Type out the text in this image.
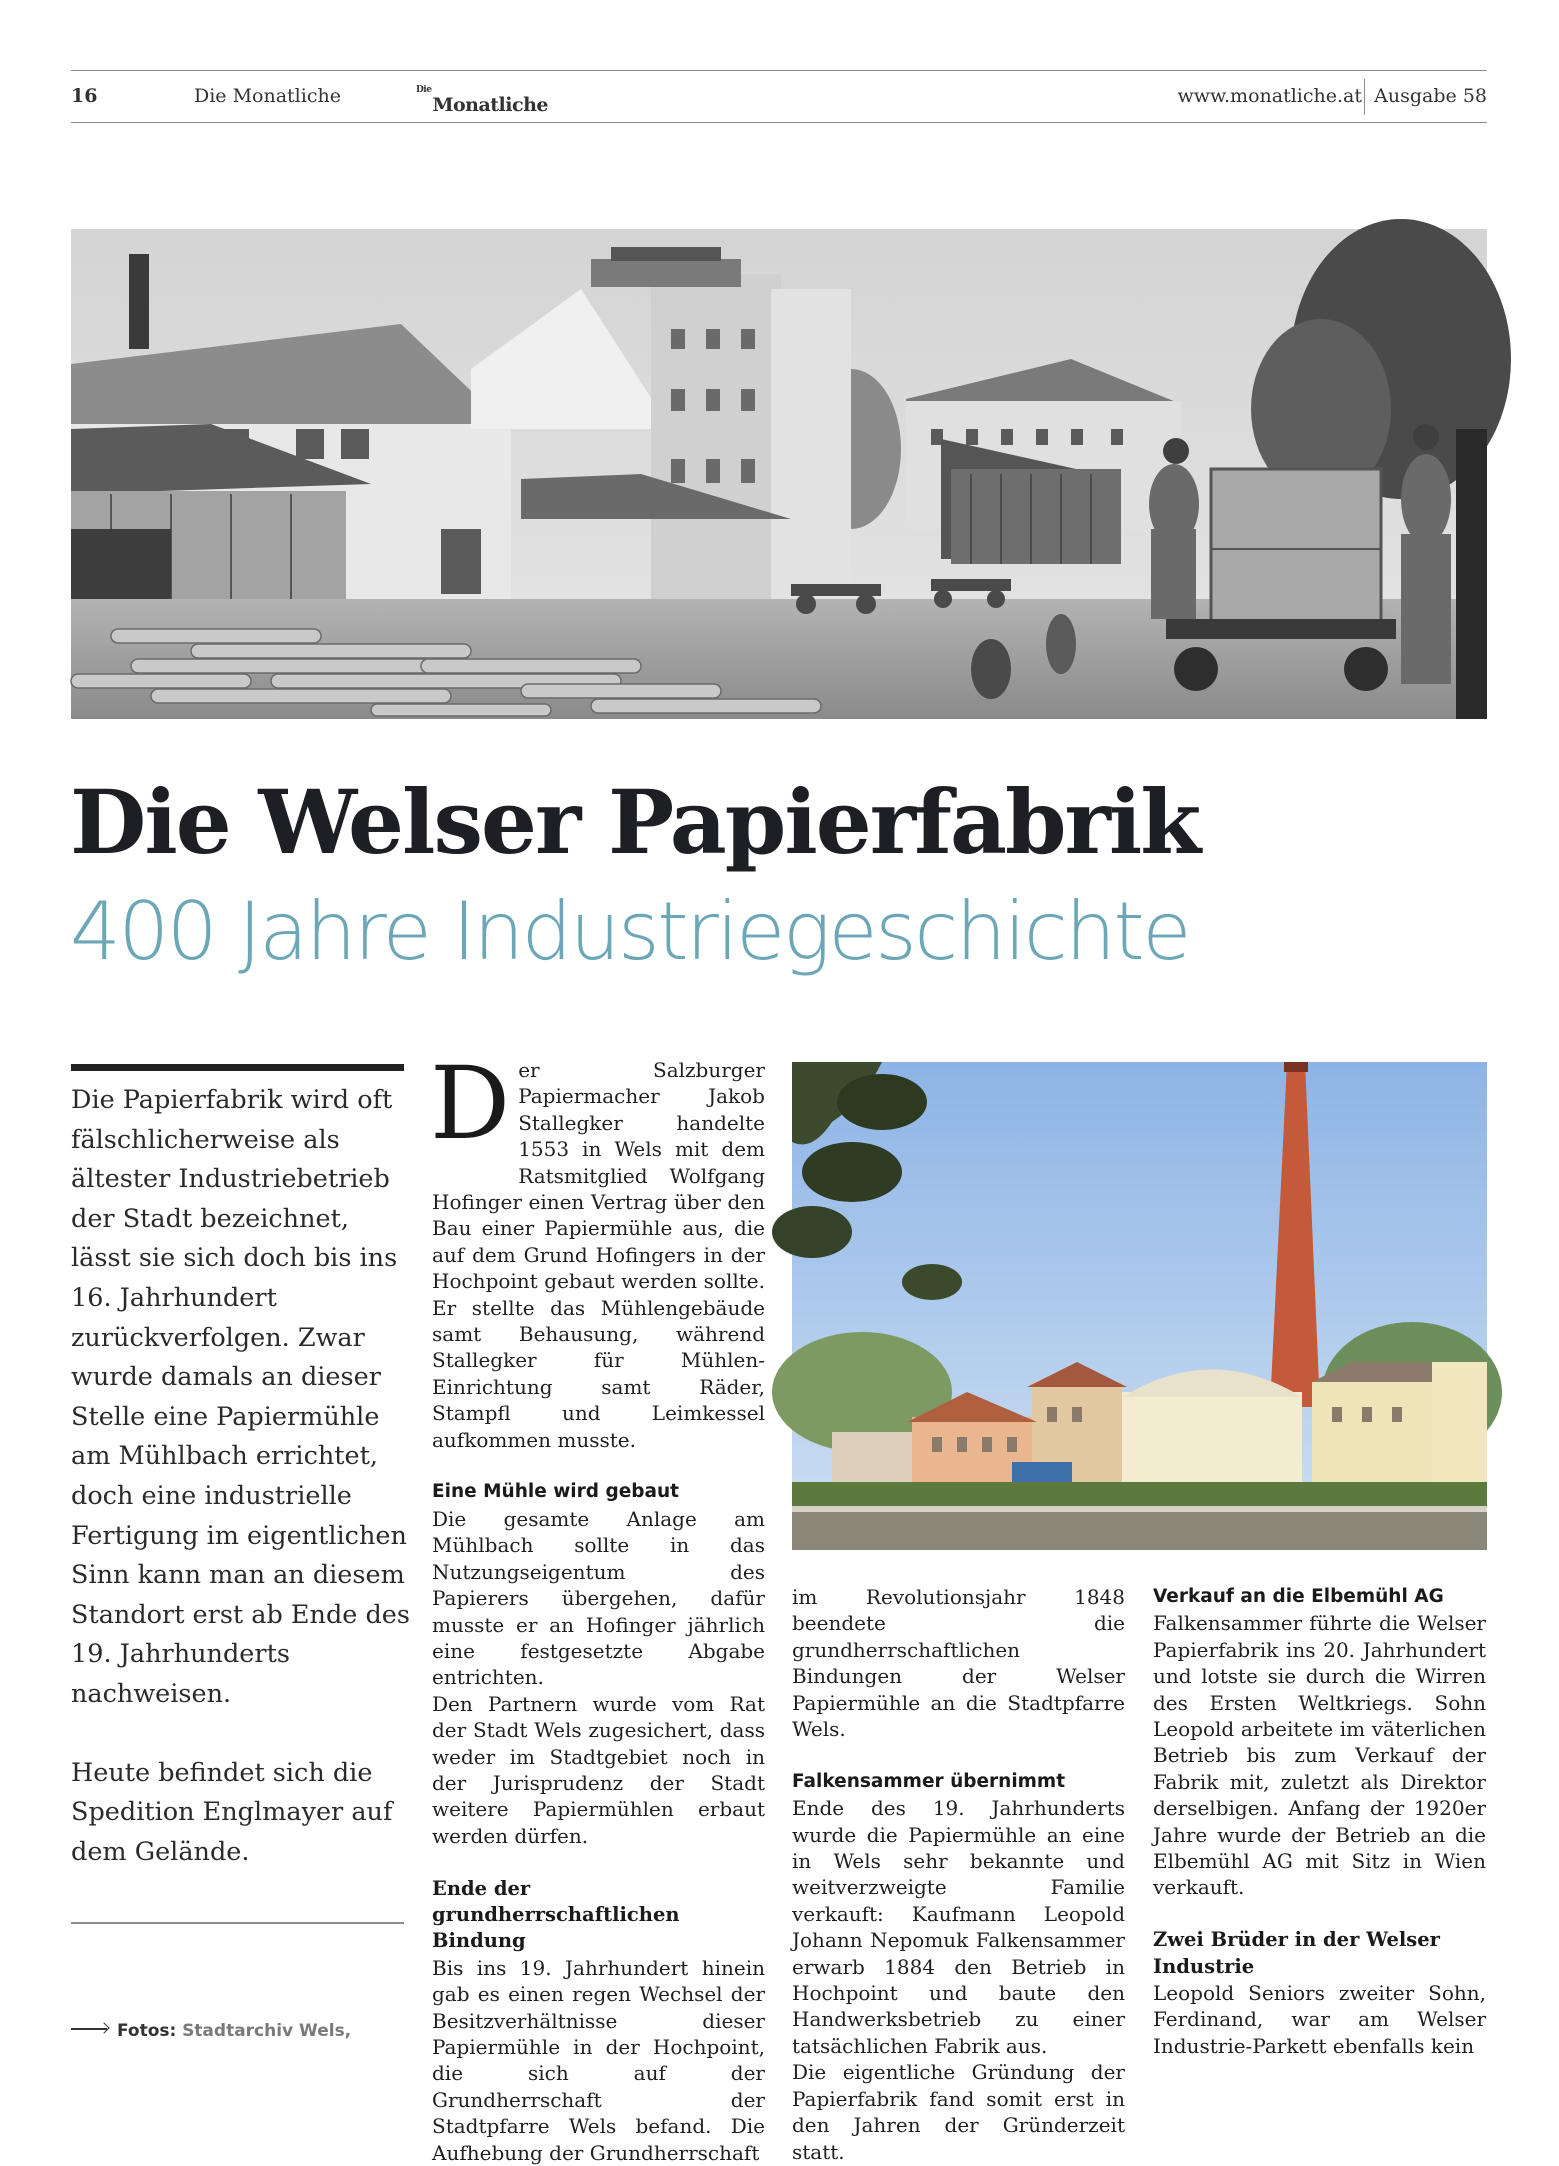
16	Die Monatliche	$^{Die}$
Monatliche	www.monatliche.at Ausgabe 58
Die Welser Papierfabrik
400 Jahre Industriegeschichte

Die Papierfabrik wird oft fälschlicherweise als ältester Industriebetrieb der Stadt bezeichnet, lässt sie sich doch bis ins 16. Jahrhundert zurückverfolgen. Zwar wurde damals an dieser Stelle eine Papiermühle am Mühlbach errichtet, doch eine industrielle Fertigung im eigentlichen Sinn kann man an diesem Standort erst ab Ende des 19. Jahrhunderts nachweisen.

Heute befindet sich die Spedition Englmayer auf dem Gelände.

Fotos: Stadtarchiv Wels,
D er Salzburger Papiermacher Jakob Stallegker handelte 1553 in Wels mit dem Ratsmitglied Wolfgang Hofinger einen Vertrag über den Bau einer Papiermühle aus, die auf dem Grund Hofingers in der Hochpoint gebaut werden sollte. Er stellte das Mühlengebäude samt Behausung, während Stallegker für Mühlen-Einrichtung samt Räder, Stampfl und Leimkessel aufkommen musste.

Eine Mühle wird gebaut

Die gesamte Anlage am Mühlbach sollte in das Nutzungseigentum des Papierers übergehen, dafür musste er an Hofinger jährlich eine festgesetzte Abgabe entrichten.

Den Partnern wurde vom Rat der Stadt Wels zugesichert, dass weder im Stadtgebiet noch in der Jurisprudenz der Stadt weitere Papiermühlen erbaut werden dürfen.

Ende der grundherrschaftlichen Bindung

Bis ins 19. Jahrhundert hinein gab es einen regen Wechsel der Besitzverhältnisse dieser Papiermühle in der Hochpoint, die sich auf der Grundherrschaft der Stadtpfarre Wels befand. Die Aufhebung der Grundherrschaft

im Revolutionsjahr 1848 beendete die grundherrschaftlichen Bindungen der Welser Papiermühle an die Stadtpfarre Wels.

Falkensammer übernimmt

Ende des 19. Jahrhunderts wurde die Papiermühle an eine in Wels sehr bekannte und weitverzweigte Familie verkauft: Kaufmann Leopold Johann Nepomuk Falkensammer erwarb 1884 den Betrieb in Hochpoint und baute den Handwerksbetrieb zu einer tatsächlichen Fabrik aus.

Die eigentliche Gründung der Papierfabrik fand somit erst in den Jahren der Gründerzeit statt.

Verkauf an die Elbemühl AG

Falkensammer führte die Welser Papierfabrik ins 20. Jahrhundert und lotste sie durch die Wirren des Ersten Weltkriegs. Sohn Leopold arbeitete im väterlichen Betrieb bis zum Verkauf der Fabrik mit, zuletzt als Direktor derselbigen. Anfang der 1920er Jahre wurde der Betrieb an die Elbemühl AG mit Sitz in Wien verkauft.

Zwei Brüder in der Welser Industrie

Leopold Seniors zweiter Sohn, Ferdinand, war am Welser Industrie-Parkett ebenfalls kein
